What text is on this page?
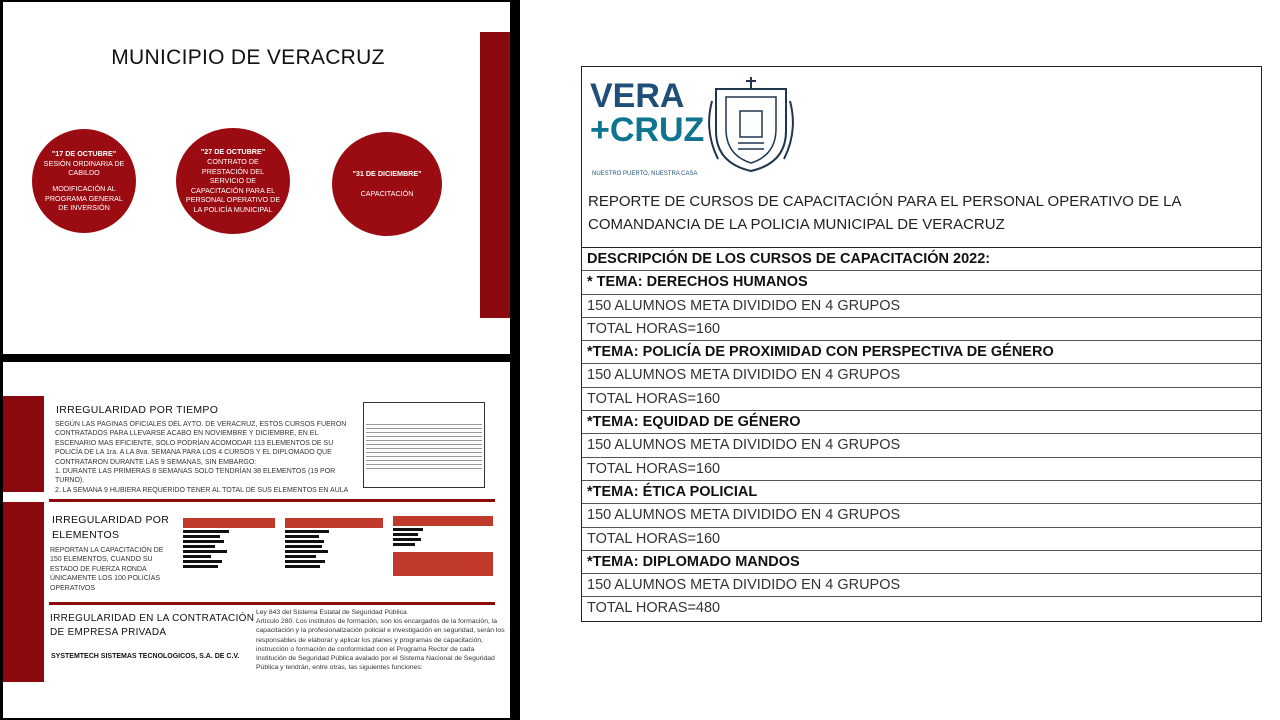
MUNICIPIO DE VERACRUZ
"17 DE OCTUBRE"
SESIÓN ORDINARIA DE CABILDO
MODIFICACIÓN AL PROGRAMA GENERAL DE INVERSIÓN
"27 DE OCTUBRE"
CONTRATO DE PRESTACIÓN DEL SERVICIO DE CAPACITACIÓN PARA EL PERSONAL OPERATIVO DE LA POLICÍA MUNICIPAL
"31 DE DICIEMBRE"
CAPACITACIÓN
IRREGULARIDAD POR TIEMPO
SEGÚN LAS PAGINAS OFICIALES DEL AYTO. DE VERACRUZ, ESTOS CURSOS FUERON CONTRATADOS PARA LLEVARSE ACABO EN NOVIEMBRE Y DICIEMBRE, EN EL ESCENARIO MAS EFICIENTE, SOLO PODRÍAN ACOMODAR 113 ELEMENTOS DE SU POLICÍA DE LA 1ra. A LA 8va. SEMANA PARA LOS 4 CURSOS Y EL DIPLOMADO QUE CONTRATARON DURANTE LAS 9 SEMANAS, SIN EMBARGO:
1. DURANTE LAS PRIMERAS 8 SEMANAS SOLO TENDRÍAN 38 ELEMENTOS (19 POR TURNO).
2. LA SEMANA 9 HUBIERA REQUERIDO TENER AL TOTAL DE SUS ELEMENTOS EN AULA
IRREGULARIDAD POR
ELEMENTOS
REPORTAN LA CAPACITACIÓN DE 150 ELEMENTOS, CUANDO SU ESTADO DE FUERZA RONDA ÚNICAMENTE LOS 100 POLICÍAS OPERATIVOS
IRREGULARIDAD EN LA CONTRATACIÓN
DE EMPRESA PRIVADA
SYSTEMTECH SISTEMAS TECNOLOGICOS, S.A. DE C.V.
Ley 843 del Sistema Estatal de Seguridad Pública
Artículo 280. Los institutos de formación, son los encargados de la formación, la capacitación y la profesionalización policial e investigación en seguridad, serán los responsables de elaborar y aplicar los planes y programas de capacitación, instrucción o formación de conformidad con el Programa Rector de cada Institución de Seguridad Pública avalado por el Sistema Nacional de Seguridad Pública y tendrán, entre otras, las siguientes funciones:
VERA
+CRUZ
NUESTRO PUERTO, NUESTRA CASA
REPORTE DE CURSOS DE CAPACITACIÓN PARA EL PERSONAL OPERATIVO DE LA COMANDANCIA DE LA POLICIA MUNICIPAL DE VERACRUZ
DESCRIPCIÓN DE LOS CURSOS DE CAPACITACIÓN 2022:
* TEMA: DERECHOS HUMANOS
150 ALUMNOS META DIVIDIDO EN 4 GRUPOS
TOTAL HORAS=160
*TEMA: POLICÍA DE PROXIMIDAD CON PERSPECTIVA DE GÉNERO
150 ALUMNOS META DIVIDIDO EN 4 GRUPOS
TOTAL HORAS=160
*TEMA: EQUIDAD DE GÉNERO
150 ALUMNOS META DIVIDIDO EN 4 GRUPOS
TOTAL HORAS=160
*TEMA: ÉTICA POLICIAL
150 ALUMNOS META DIVIDIDO EN 4 GRUPOS
TOTAL HORAS=160
*TEMA: DIPLOMADO MANDOS
150 ALUMNOS META DIVIDIDO EN 4 GRUPOS
TOTAL HORAS=480
